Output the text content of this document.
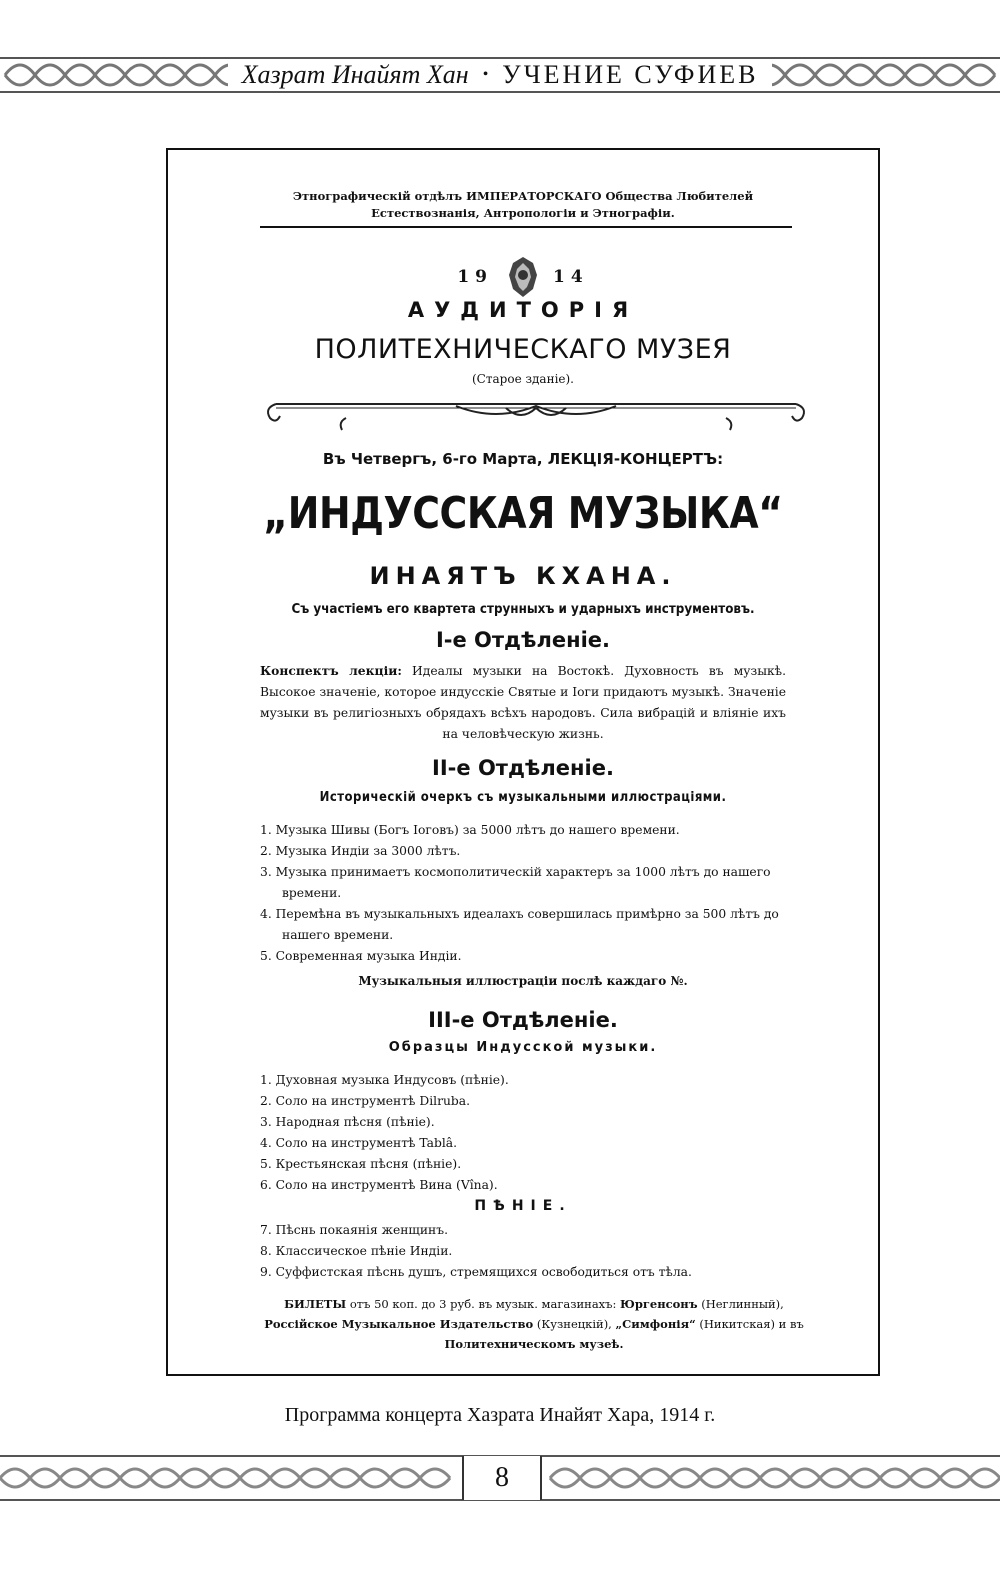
Хазрат Инайят Хан • УЧЕНИЕ СУФИЕВ
Этнографическій отдѣлъ ИМПЕРАТОРСКАГО Общества Любителей
Естествознанія, Антропологіи и Этнографіи.
19	14
АУДИТОРІЯ
ПОЛИТЕХНИЧЕСКАГО МУЗЕЯ
(Старое зданіе).
Въ Четвергъ, 6-го Марта, ЛЕКЦІЯ-КОНЦЕРТЪ:
„ИНДУССКАЯ МУЗЫКА“
ИНАЯТЪ КХАНА.
Съ участіемъ его квартета струнныхъ и ударныхъ инструментовъ.
I-е Отдѣленіе.
Конспектъ лекціи: Идеалы музыки на Востокѣ. Духовность въ музыкѣ. Высокое значеніе, которое индусскіе Святые и Іоги придаютъ музыкѣ. Значеніе музыки въ религіозныхъ обрядахъ всѣхъ народовъ. Сила вибрацій и вліяніе ихъ на человѣческую жизнь.
II-е Отдѣленіе.
Историческій очеркъ съ музыкальными иллюстраціями.
1. Музыка Шивы (Богъ Іоговъ) за 5000 лѣтъ до нашего времени.
2. Музыка Индіи за 3000 лѣтъ.
3. Музыка принимаетъ космополитическій характеръ за 1000 лѣтъ до нашего времени.
4. Перемѣна въ музыкальныхъ идеалахъ совершилась примѣрно за 500 лѣтъ до нашего времени.
5. Современная музыка Индіи.
Музыкальныя иллюстраціи послѣ каждаго №.
III-е Отдѣленіе.
Образцы Индусской музыки.
1. Духовная музыка Индусовъ (пѣніе).
2. Соло на инструментѣ Dilruba.
3. Народная пѣсня (пѣніе).
4. Соло на инструментѣ Tablâ.
5. Крестьянская пѣсня (пѣніе).
6. Соло на инструментѣ Вина (Vîna).
ПѢНІЕ.
7. Пѣснь покаянія женщинъ.
8. Классическое пѣніе Индіи.
9. Суффистская пѣснь душъ, стремящихся освободиться отъ тѣла.
БИЛЕТЫ отъ 50 коп. до 3 руб. въ музык. магазинахъ: Юргенсонъ (Неглинный), Россійское Музыкальное Издательство (Кузнецкій), „Симфонія“ (Никитская) и въ Политехническомъ музеѣ.
Программа концерта Хазрата Инайят Хара, 1914 г.
8
